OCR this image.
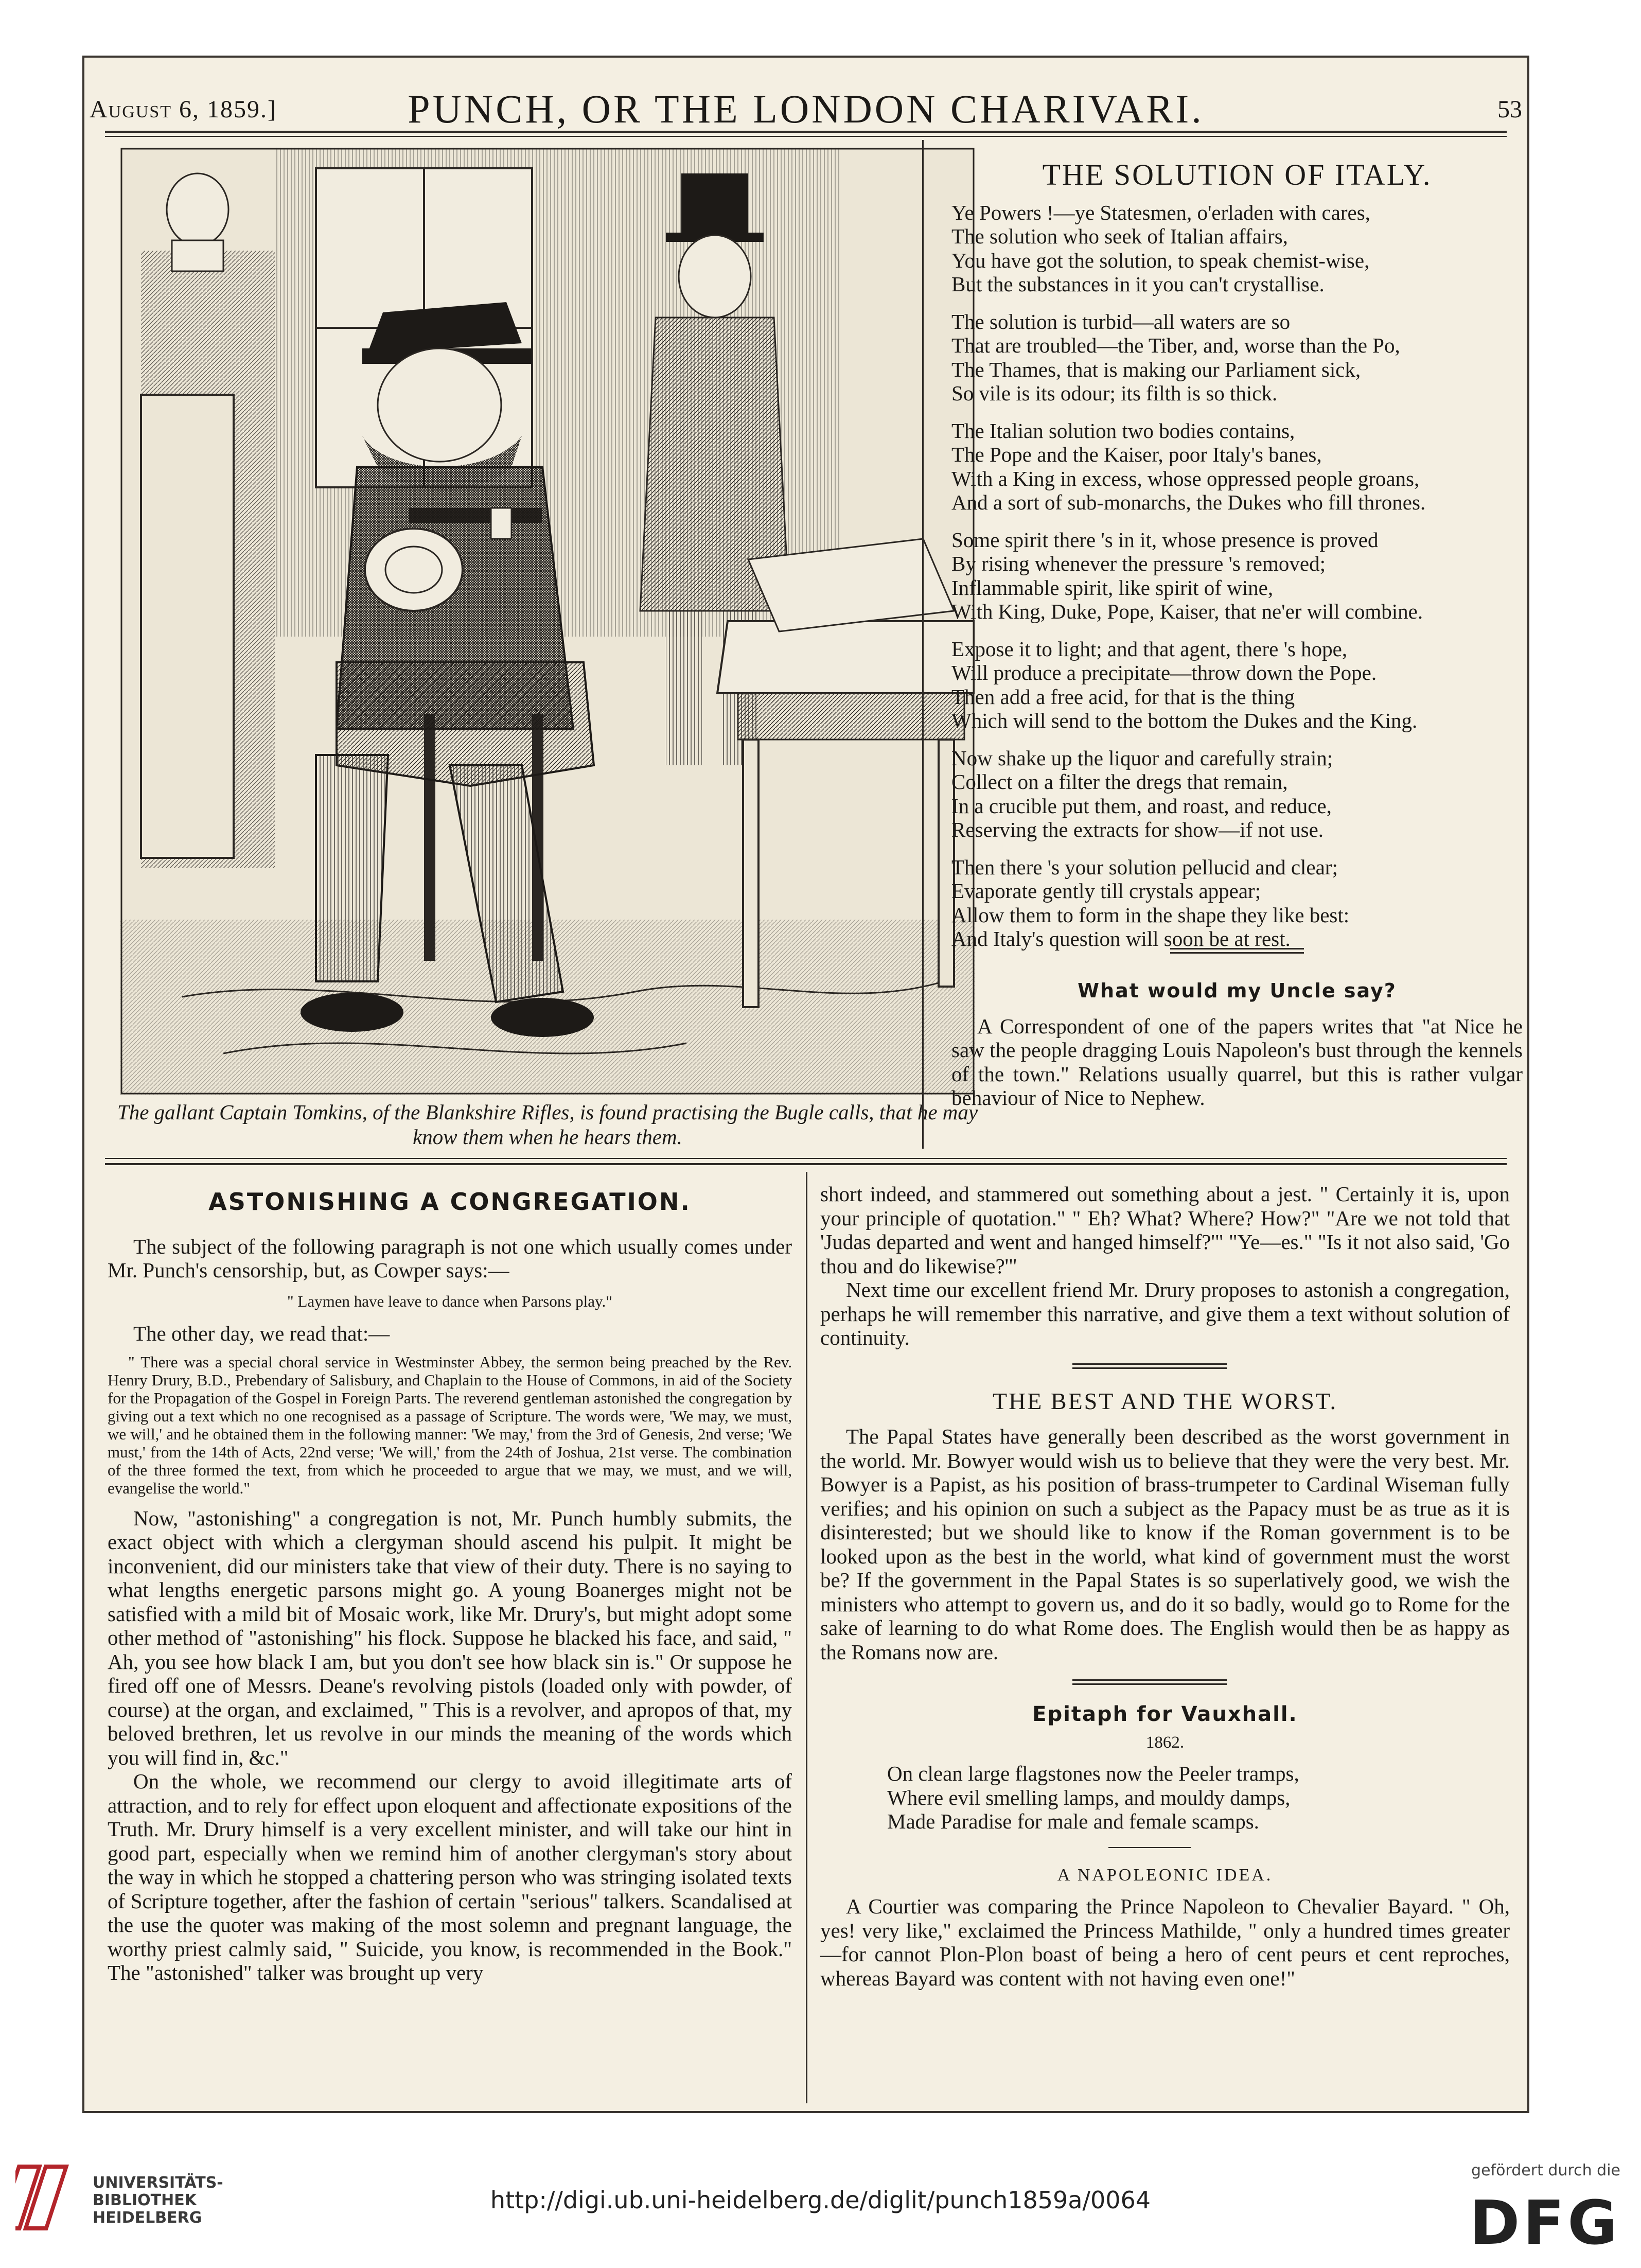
August 6, 1859.]	PUNCH, OR THE LONDON CHARIVARI.	53
The gallant Captain Tomkins, of the Blankshire Rifles, is found practising the Bugle calls, that he may know them when he hears them.

THE SOLUTION OF ITALY.

Ye Powers !—ye Statesmen, o'erladen with cares,
The solution who seek of Italian affairs,
You have got the solution, to speak chemist-wise,
But the substances in it you can't crystallise.
The solution is turbid—all waters are so
That are troubled—the Tiber, and, worse than the Po,
The Thames, that is making our Parliament sick,
So vile is its odour; its filth is so thick.
The Italian solution two bodies contains,
The Pope and the Kaiser, poor Italy's banes,
With a King in excess, whose oppressed people groans,
And a sort of sub-monarchs, the Dukes who fill thrones.
Some spirit there 's in it, whose presence is proved
By rising whenever the pressure 's removed;
Inflammable spirit, like spirit of wine,
With King, Duke, Pope, Kaiser, that ne'er will combine.
Expose it to light; and that agent, there 's hope,
Will produce a precipitate—throw down the Pope.
Then add a free acid, for that is the thing
Which will send to the bottom the Dukes and the King.
Now shake up the liquor and carefully strain;
Collect on a filter the dregs that remain,
In a crucible put them, and roast, and reduce,
Reserving the extracts for show—if not use.
Then there 's your solution pellucid and clear;
Evaporate gently till crystals appear;
Allow them to form in the shape they like best:
And Italy's question will soon be at rest.

What would my Uncle say?

A Correspondent of one of the papers writes that "at Nice he saw the people dragging Louis Napoleon's bust through the kennels of the town." Relations usually quarrel, but this is rather vulgar behaviour of Nice to Nephew.

ASTONISHING A CONGREGATION.

The subject of the following paragraph is not one which usually comes under Mr. Punch's censorship, but, as Cowper says:—

" Laymen have leave to dance when Parsons play."

The other day, we read that:—

" There was a special choral service in Westminster Abbey, the sermon being preached by the Rev. Henry Drury, B.D., Prebendary of Salisbury, and Chaplain to the House of Commons, in aid of the Society for the Propagation of the Gospel in Foreign Parts. The reverend gentleman astonished the congregation by giving out a text which no one recognised as a passage of Scripture. The words were, 'We may, we must, we will,' and he obtained them in the following manner: 'We may,' from the 3rd of Genesis, 2nd verse; 'We must,' from the 14th of Acts, 22nd verse; 'We will,' from the 24th of Joshua, 21st verse. The combination of the three formed the text, from which he proceeded to argue that we may, we must, and we will, evangelise the world."

Now, "astonishing" a congregation is not, Mr. Punch humbly submits, the exact object with which a clergyman should ascend his pulpit. It might be inconvenient, did our ministers take that view of their duty. There is no saying to what lengths energetic parsons might go. A young Boanerges might not be satisfied with a mild bit of Mosaic work, like Mr. Drury's, but might adopt some other method of "astonishing" his flock. Suppose he blacked his face, and said, " Ah, you see how black I am, but you don't see how black sin is." Or suppose he fired off one of Messrs. Deane's revolving pistols (loaded only with powder, of course) at the organ, and exclaimed, " This is a revolver, and apropos of that, my beloved brethren, let us revolve in our minds the meaning of the words which you will find in, &c."

On the whole, we recommend our clergy to avoid illegitimate arts of attraction, and to rely for effect upon eloquent and affectionate expositions of the Truth. Mr. Drury himself is a very excellent minister, and will take our hint in good part, especially when we remind him of another clergyman's story about the way in which he stopped a chattering person who was stringing isolated texts of Scripture together, after the fashion of certain "serious" talkers. Scandalised at the use the quoter was making of the most solemn and pregnant language, the worthy priest calmly said, " Suicide, you know, is recommended in the Book." The "astonished" talker was brought up very

short indeed, and stammered out something about a jest. " Certainly it is, upon your principle of quotation." " Eh? What? Where? How?" "Are we not told that 'Judas departed and went and hanged himself?'" "Ye—es." "Is it not also said, 'Go thou and do likewise?'"

Next time our excellent friend Mr. Drury proposes to astonish a congregation, perhaps he will remember this narrative, and give them a text without solution of continuity.

THE BEST AND THE WORST.

The Papal States have generally been described as the worst government in the world. Mr. Bowyer would wish us to believe that they were the very best. Mr. Bowyer is a Papist, as his position of brass-trumpeter to Cardinal Wiseman fully verifies; and his opinion on such a subject as the Papacy must be as true as it is disinterested; but we should like to know if the Roman government is to be looked upon as the best in the world, what kind of government must the worst be? If the government in the Papal States is so superlatively good, we wish the ministers who attempt to govern us, and do it so badly, would go to Rome for the sake of learning to do what Rome does. The English would then be as happy as the Romans now are.

Epitaph for Vauxhall.

1862.

On clean large flagstones now the Peeler tramps,
Where evil smelling lamps, and mouldy damps,
Made Paradise for male and female scamps.

A NAPOLEONIC IDEA.

A Courtier was comparing the Prince Napoleon to Chevalier Bayard. " Oh, yes! very like," exclaimed the Princess Mathilde, " only a hundred times greater—for cannot Plon-Plon boast of being a hero of cent peurs et cent reproches, whereas Bayard was content with not having even one!"

UNIVERSITÄTS-
BIBLIOTHEK
HEIDELBERG
http://digi.ub.uni-heidelberg.de/diglit/punch1859a/0064
gefördert durch die
DFG
